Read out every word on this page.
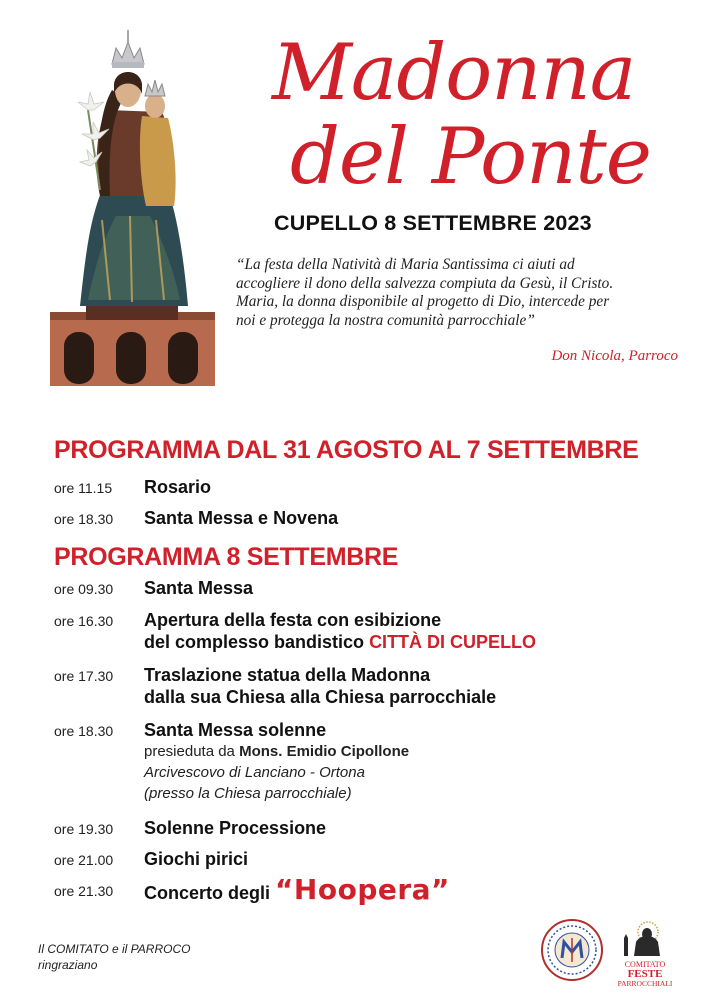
Madonna
del Ponte
CUPELLO 8 SETTEMBRE 2023
“La festa della Natività di Maria Santissima ci aiuti ad
accogliere il dono della salvezza compiuta da Gesù, il Cristo.
Maria, la donna disponibile al progetto di Dio, intercede per
noi e protegga la nostra comunità parrocchiale”
Don Nicola, Parroco
PROGRAMMA DAL 31 AGOSTO AL 7 SETTEMBRE
ore 11.15 Rosario
ore 18.30 Santa Messa e Novena
PROGRAMMA 8 SETTEMBRE
ore 09.30 Santa Messa
ore 16.30 Apertura della festa con esibizione
del complesso bandistico CITTÀ DI CUPELLO
ore 17.30 Traslazione statua della Madonna
dalla sua Chiesa alla Chiesa parrocchiale
ore 18.30 Santa Messa solenne
presieduta da Mons. Emidio Cipollone
Arcivescovo di Lanciano - Ortona
(presso la Chiesa parrocchiale)
ore 19.30 Solenne Processione
ore 21.00 Giochi pirici
ore 21.30 Concerto degli “Hoopera”
Il COMITATO e il PARROCO
ringraziano	COMITATO
FESTE
PARROCCHIALI
